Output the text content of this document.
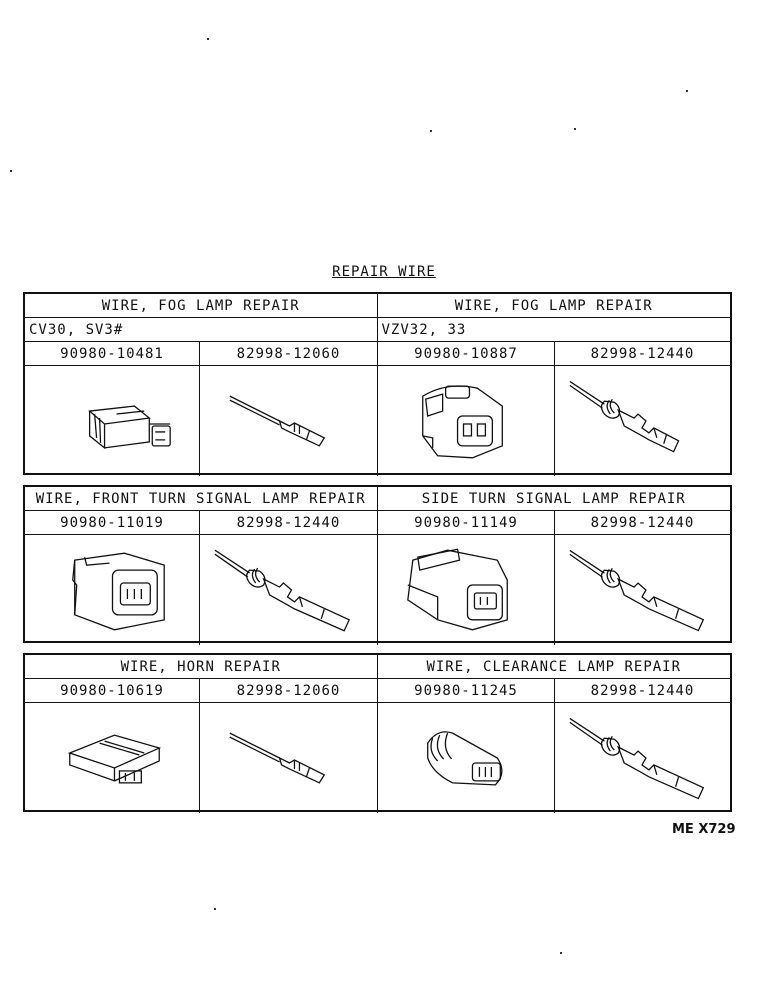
REPAIR WIRE
WIRE, FOG LAMP REPAIR	WIRE, FOG LAMP REPAIR
CV30, SV3#	VZV32, 33
90980-10481	82998-12060	90980-10887	82998-12440
WIRE, FRONT TURN SIGNAL LAMP REPAIR	SIDE TURN SIGNAL LAMP REPAIR
90980-11019	82998-12440	90980-11149	82998-12440
WIRE, HORN REPAIR	WIRE, CLEARANCE LAMP REPAIR
90980-10619	82998-12060	90980-11245	82998-12440
ME X729
